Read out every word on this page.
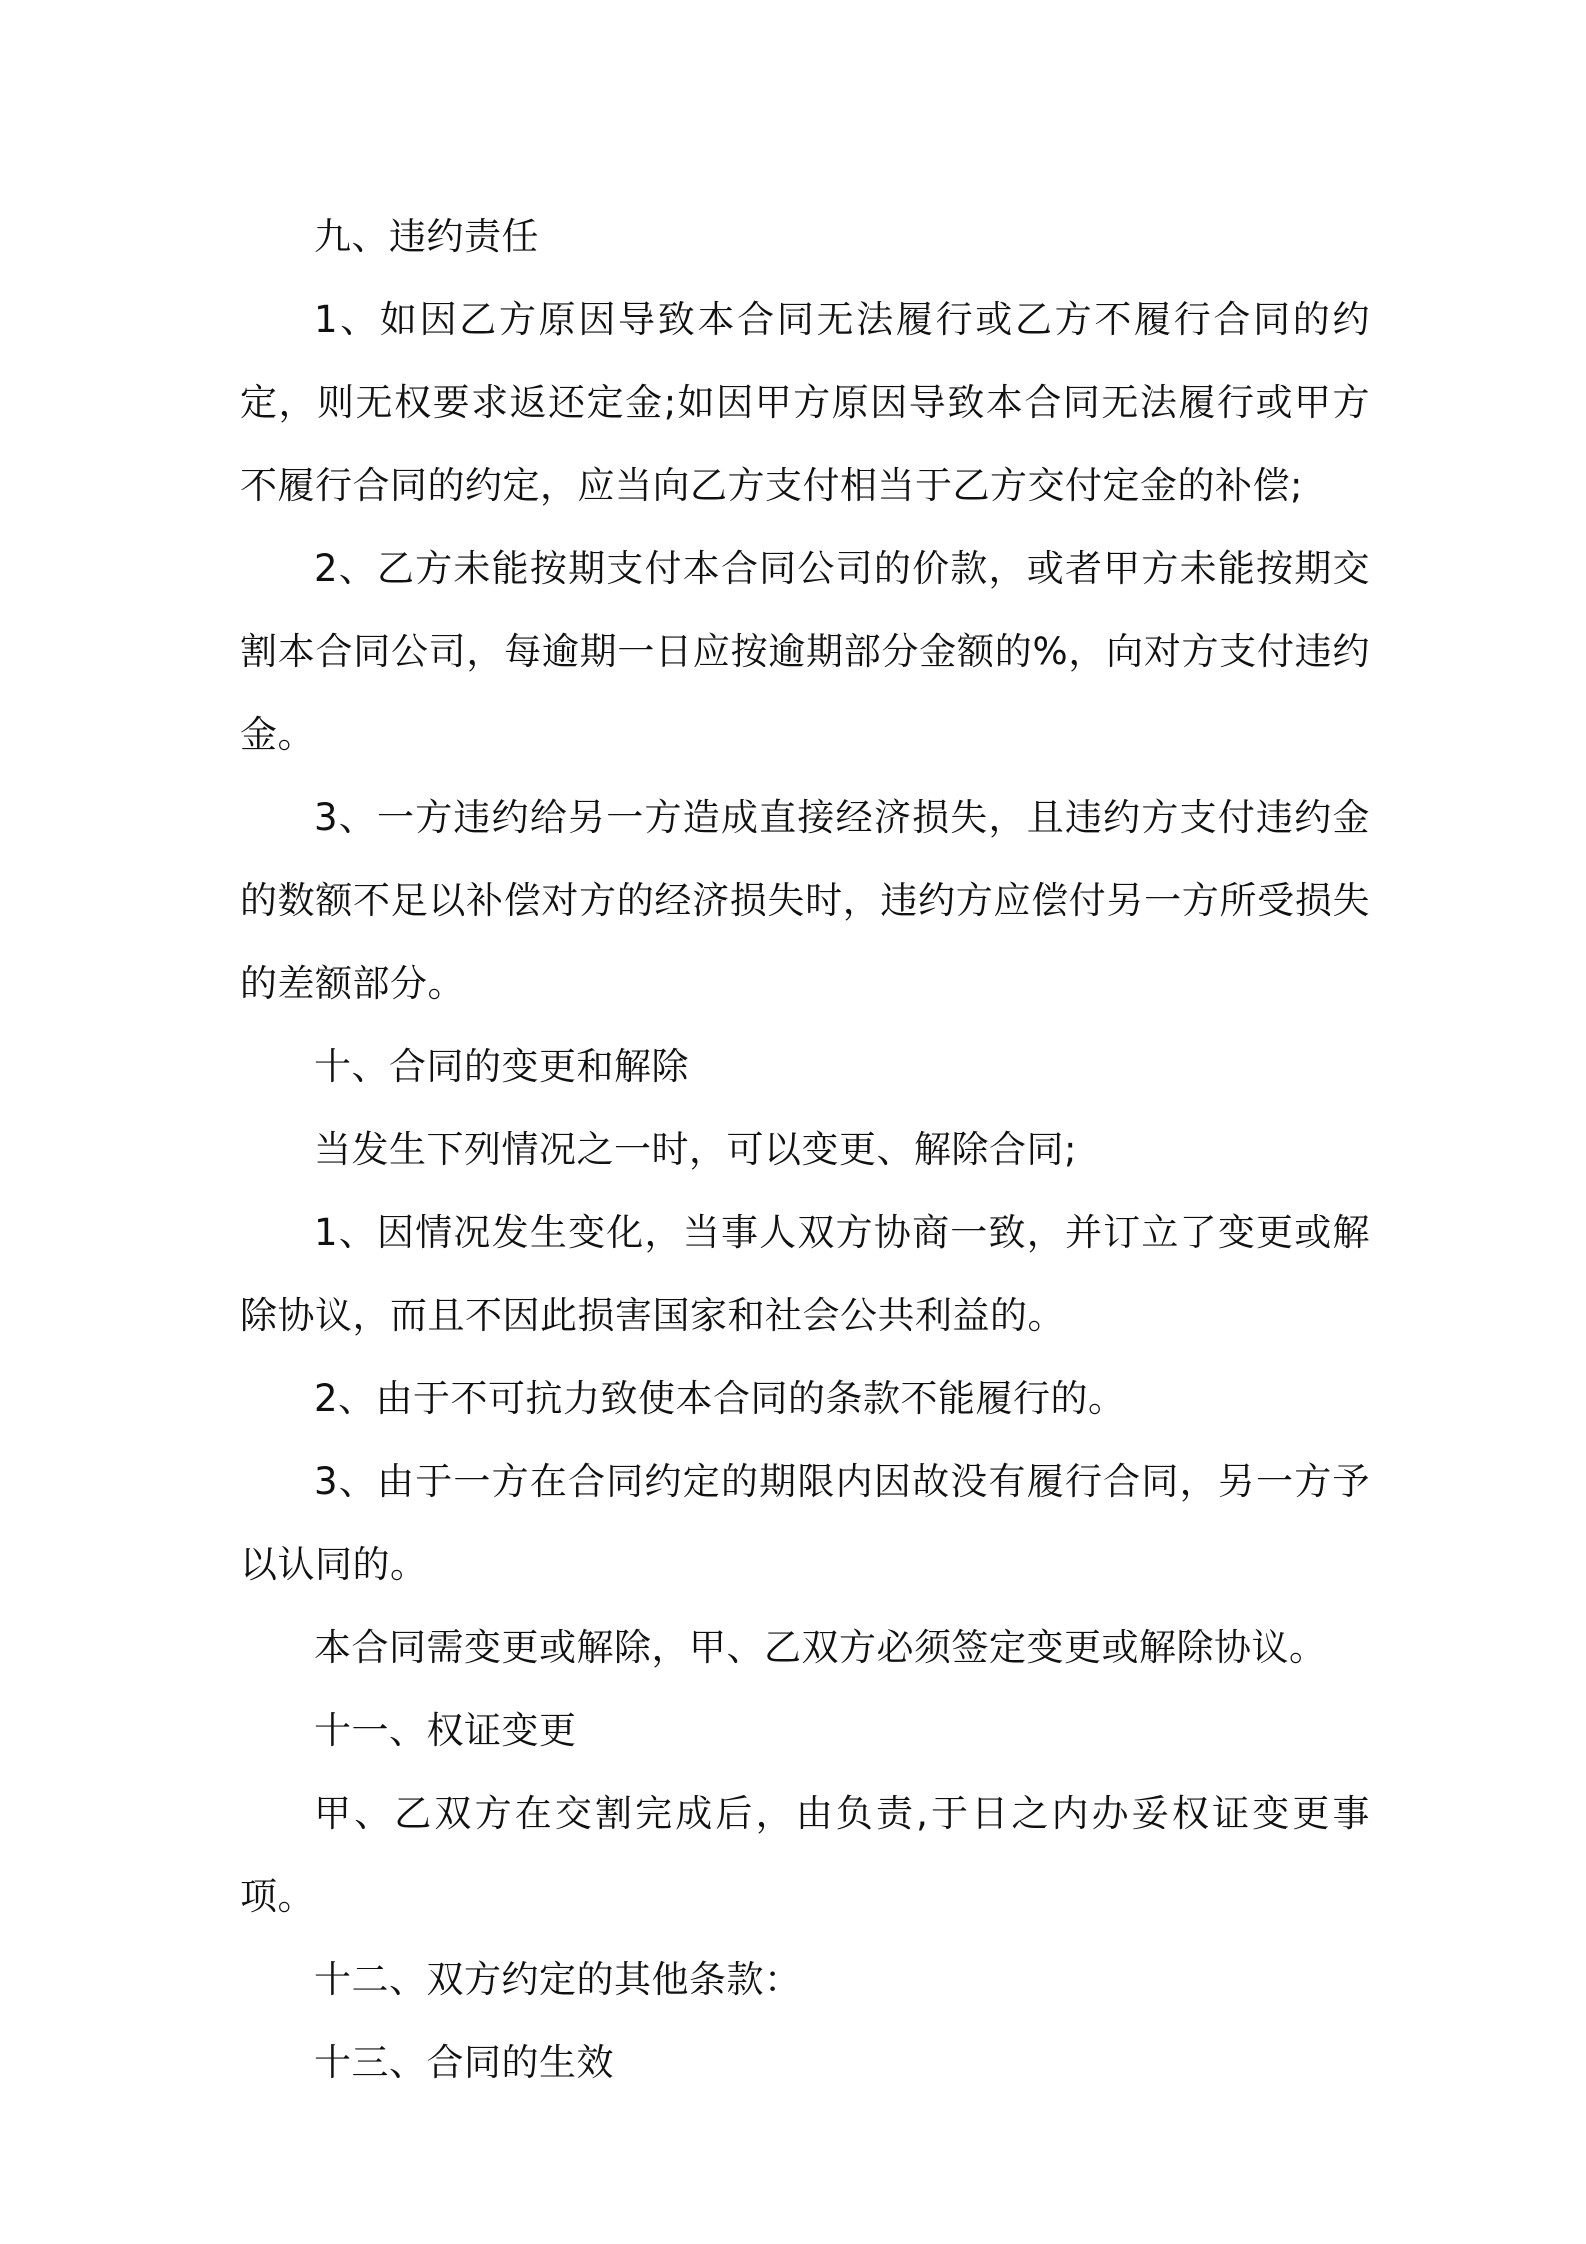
九、违约责任

1、如因乙方原因导致本合同无法履行或乙方不履行合同的约定，则无权要求返还定金;如因甲方原因导致本合同无法履行或甲方不履行合同的约定，应当向乙方支付相当于乙方交付定金的补偿;

2、乙方未能按期支付本合同公司的价款，或者甲方未能按期交割本合同公司，每逾期一日应按逾期部分金额的%，向对方支付违约金。

3、一方违约给另一方造成直接经济损失，且违约方支付违约金的数额不足以补偿对方的经济损失时，违约方应偿付另一方所受损失的差额部分。

十、合同的变更和解除

当发生下列情况之一时，可以变更、解除合同;

1、因情况发生变化，当事人双方协商一致，并订立了变更或解除协议，而且不因此损害国家和社会公共利益的。

2、由于不可抗力致使本合同的条款不能履行的。

3、由于一方在合同约定的期限内因故没有履行合同，另一方予以认同的。

本合同需变更或解除，甲、乙双方必须签定变更或解除协议。

十一、权证变更

甲、乙双方在交割完成后，由负责,于日之内办妥权证变更事项。

十二、双方约定的其他条款：

十三、合同的生效
